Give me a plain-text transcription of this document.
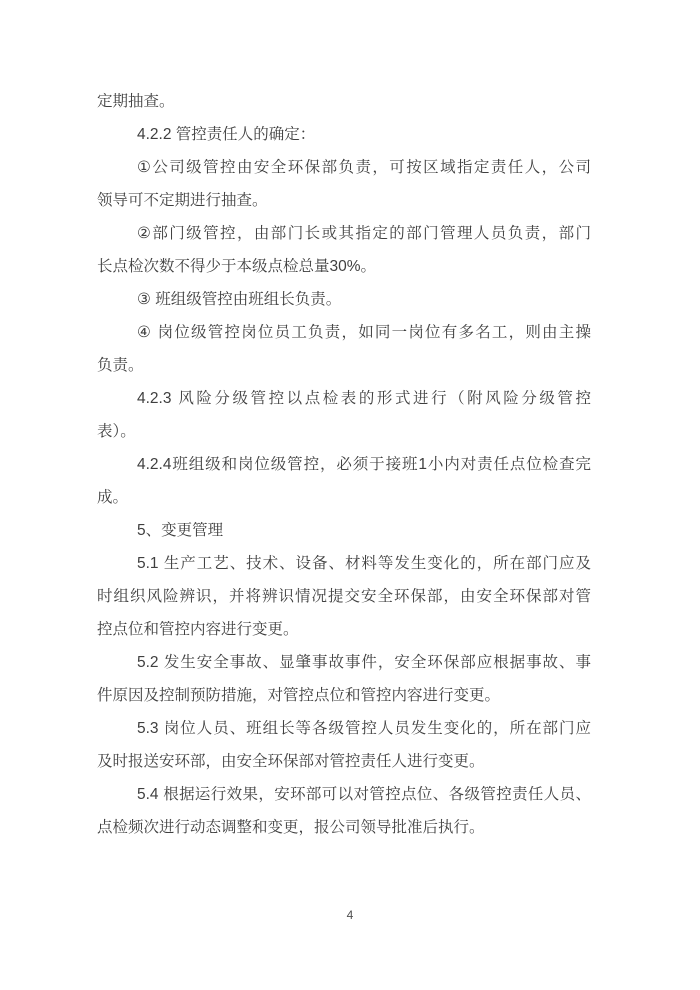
定期抽查。
4.2.2 管控责任人的确定：
①公司级管控由安全环保部负责，可按区域指定责任人，公司
领导可不定期进行抽查。
②部门级管控，由部门长或其指定的部门管理人员负责，部门
长点检次数不得少于本级点检总量30%。
③ 班组级管控由班组长负责。
④ 岗位级管控岗位员工负责，如同一岗位有多名工，则由主操
负责。
4.2.3 风险分级管控以点检表的形式进行（附风险分级管控
表）。
4.2.4班组级和岗位级管控，必须于接班1小内对责任点位检查完
成。
5、变更管理
5.1 生产工艺、技术、设备、材料等发生变化的，所在部门应及
时组织风险辨识，并将辨识情况提交安全环保部，由安全环保部对管
控点位和管控内容进行变更。
5.2 发生安全事故、显肇事故事件，安全环保部应根据事故、事
件原因及控制预防措施，对管控点位和管控内容进行变更。
5.3 岗位人员、班组长等各级管控人员发生变化的，所在部门应
及时报送安环部，由安全环保部对管控责任人进行变更。
5.4 根据运行效果，安环部可以对管控点位、各级管控责任人员、
点检频次进行动态调整和变更，报公司领导批准后执行。
4
